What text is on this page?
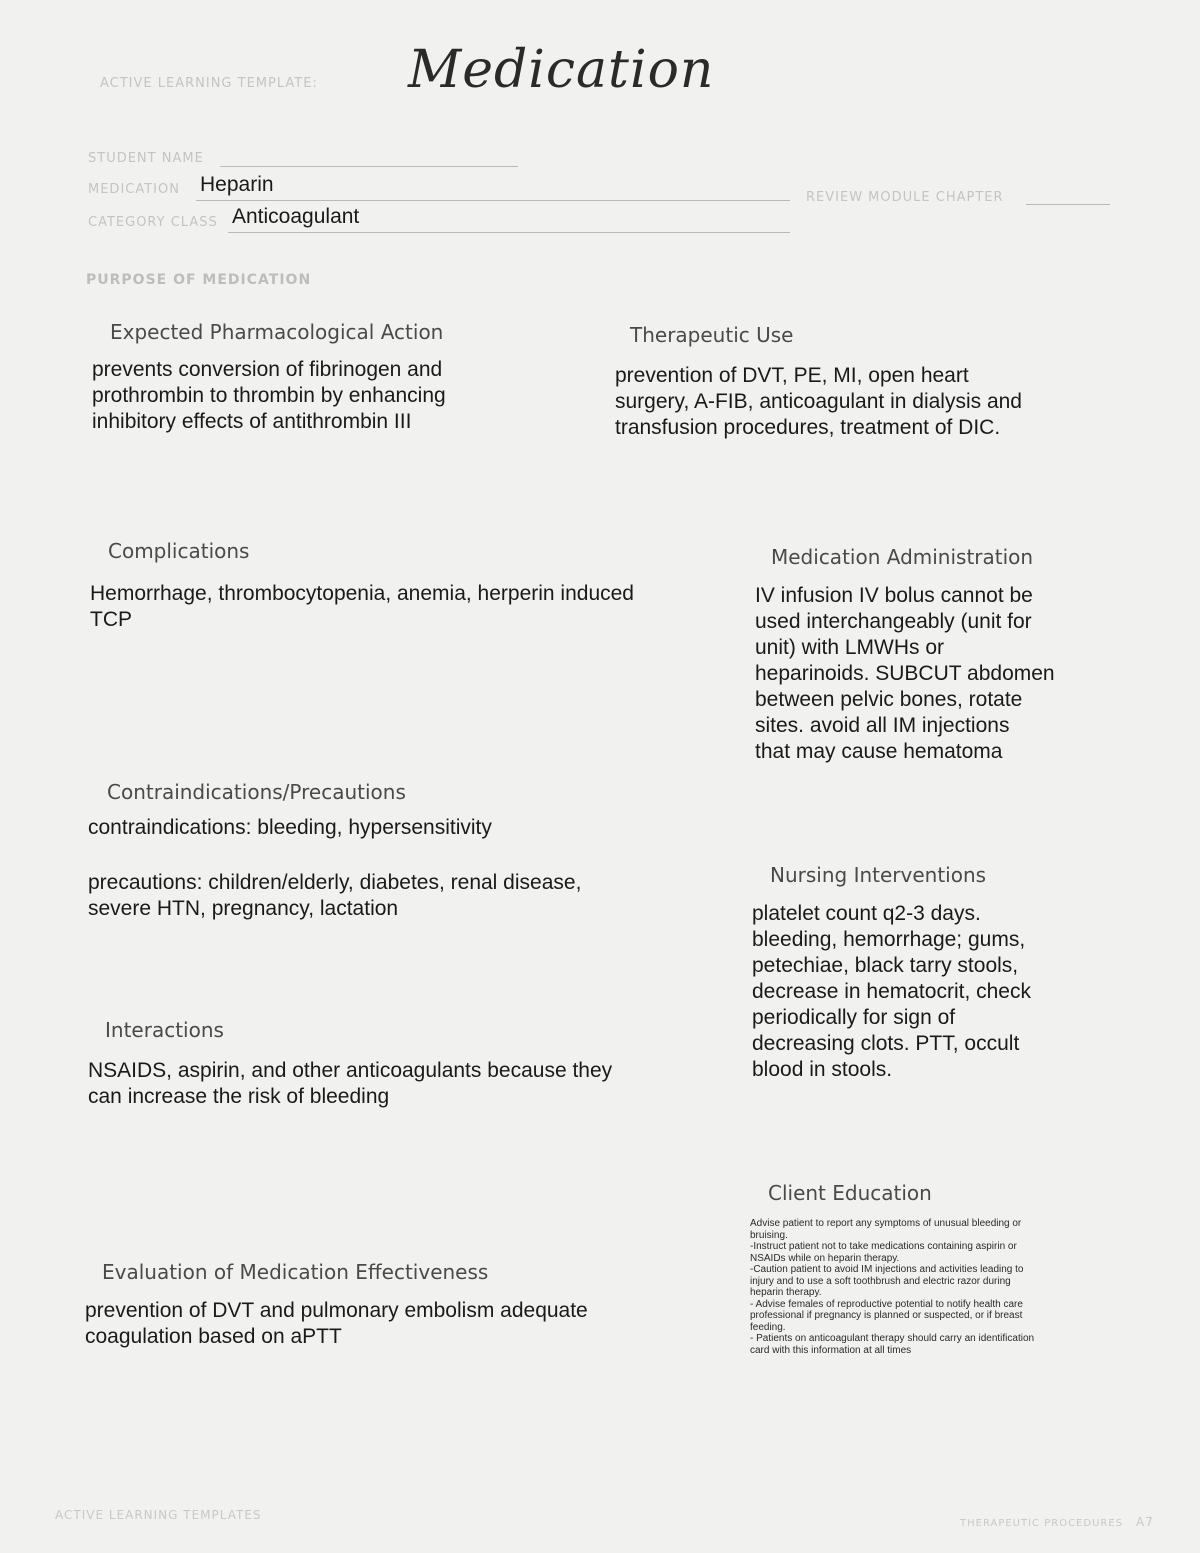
ACTIVE LEARNING TEMPLATE: Medication
STUDENT NAME
MEDICATION Heparin
REVIEW MODULE CHAPTER
CATEGORY CLASS Anticoagulant
PURPOSE OF MEDICATION
Expected Pharmacological Action

prevents conversion of fibrinogen and
prothrombin to thrombin by enhancing
inhibitory effects of antithrombin III

Therapeutic Use

prevention of DVT, PE, MI, open heart
surgery, A-FIB, anticoagulant in dialysis and
transfusion procedures, treatment of DIC.

Complications

Hemorrhage, thrombocytopenia, anemia, herperin induced
TCP

Medication Administration

IV infusion IV bolus cannot be
used interchangeably (unit for
unit) with LMWHs or
heparinoids. SUBCUT abdomen
between pelvic bones, rotate
sites. avoid all IM injections
that may cause hematoma

Contraindications/Precautions

contraindications: bleeding, hypersensitivity

precautions: children/elderly, diabetes, renal disease,
severe HTN, pregnancy, lactation

Nursing Interventions

platelet count q2-3 days.
bleeding, hemorrhage; gums,
petechiae, black tarry stools,
decrease in hematocrit, check
periodically for sign of
decreasing clots. PTT, occult
blood in stools.

Interactions

NSAIDS, aspirin, and other anticoagulants because they
can increase the risk of bleeding

Client Education

Advise patient to report any symptoms of unusual bleeding or
bruising.
-Instruct patient not to take medications containing aspirin or
NSAIDs while on heparin therapy.
-Caution patient to avoid IM injections and activities leading to
injury and to use a soft toothbrush and electric razor during
heparin therapy.
- Advise females of reproductive potential to notify health care
professional if pregnancy is planned or suspected, or if breast
feeding.
- Patients on anticoagulant therapy should carry an identification
card with this information at all times

Evaluation of Medication Effectiveness

prevention of DVT and pulmonary embolism adequate
coagulation based on aPTT

ACTIVE LEARNING TEMPLATES
THERAPEUTIC PROCEDURES A7
